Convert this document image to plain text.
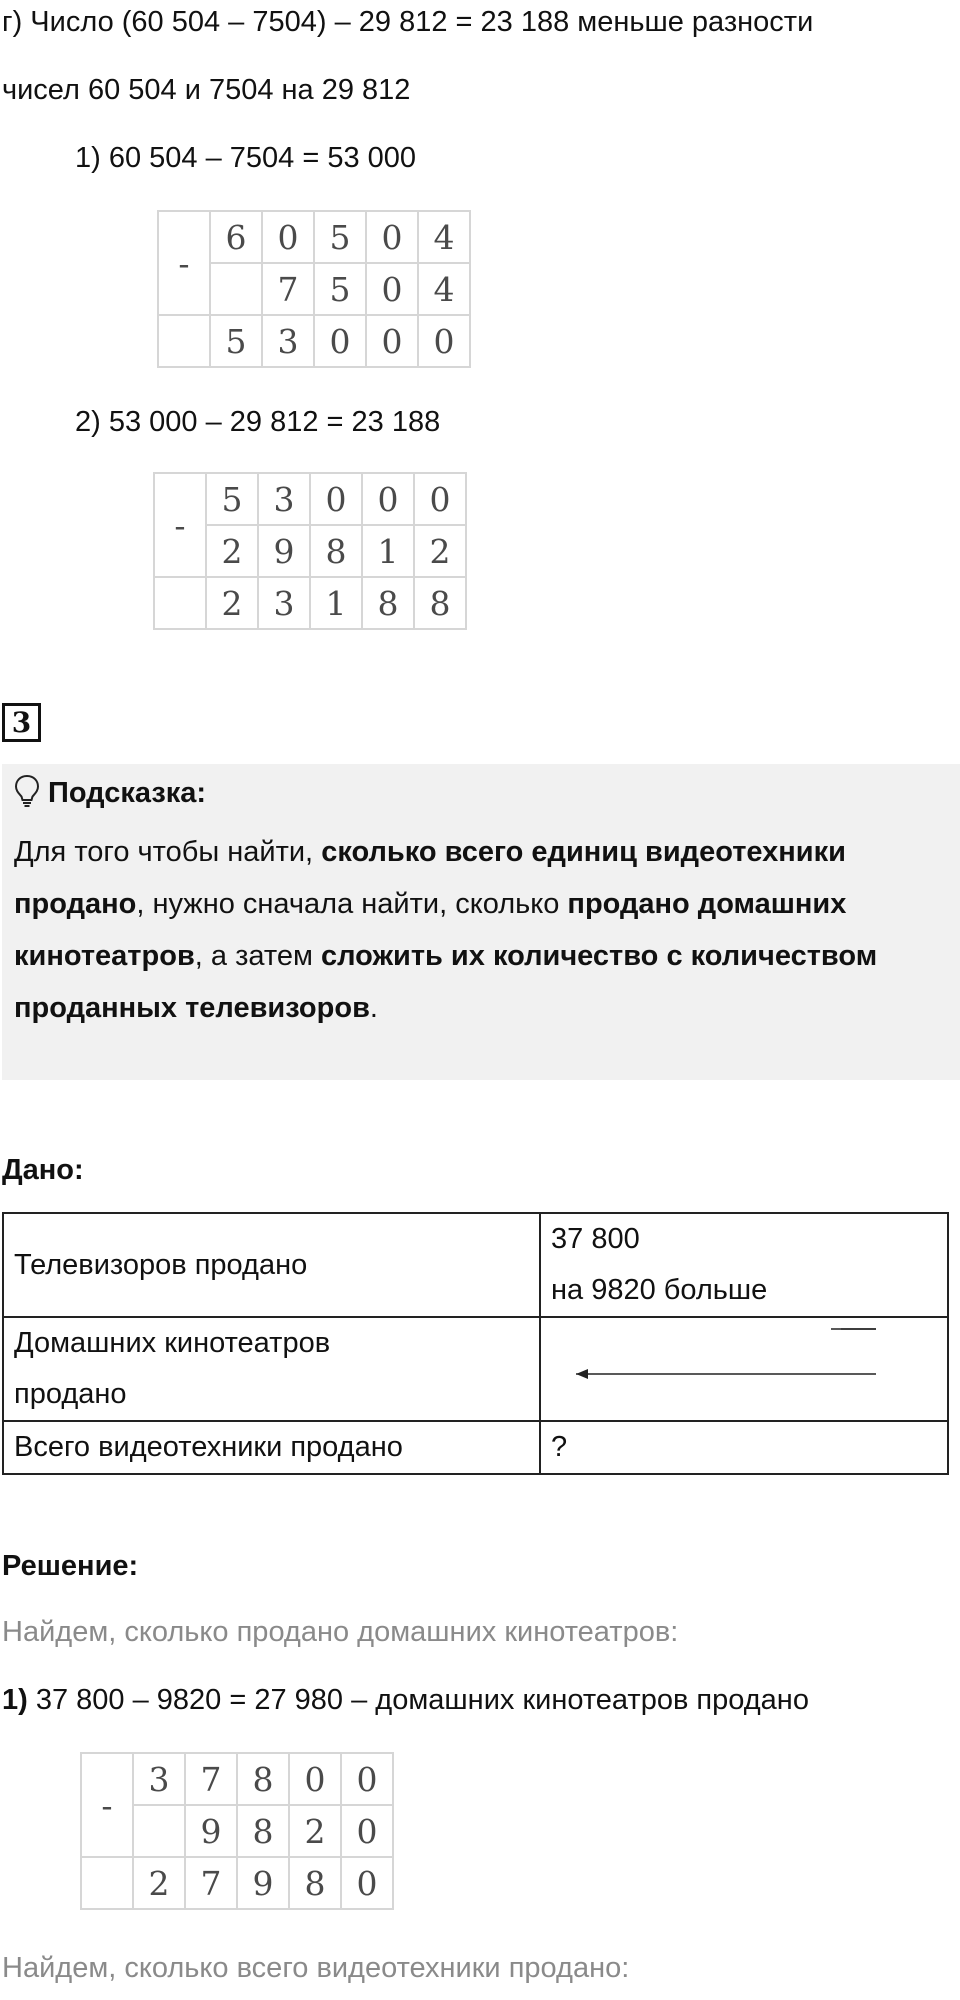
г) Число (60 504 – 7504) – 29 812 = 23 188 меньше разности
чисел 60 504 и 7504 на 29 812
1) 60 504 – 7504 = 53 000
-	6	0	5	0	4
		7	5	0	4
	5	3	0	0	0
2) 53 000 – 29 812 = 23 188
-	5	3	0	0	0
	2	9	8	1	2
	2	3	1	8	8
3
Подсказка:

Для того чтобы найти, сколько всего единиц видеотехники продано, нужно сначала найти, сколько продано домашних кинотеатров, а затем сложить их количество с количеством проданных телевизоров.

Дано:
Телевизоров продано	37 800
на 9820 больше

Домашних кинотеатров
продано

Всего видеотехники продано	?
Решение:
Найдем, сколько продано домашних кинотеатров:
1) 37 800 – 9820 = 27 980 – домашних кинотеатров продано
-	3	7	8	0	0
		9	8	2	0
	2	7	9	8	0
Найдем, сколько всего видеотехники продано:
